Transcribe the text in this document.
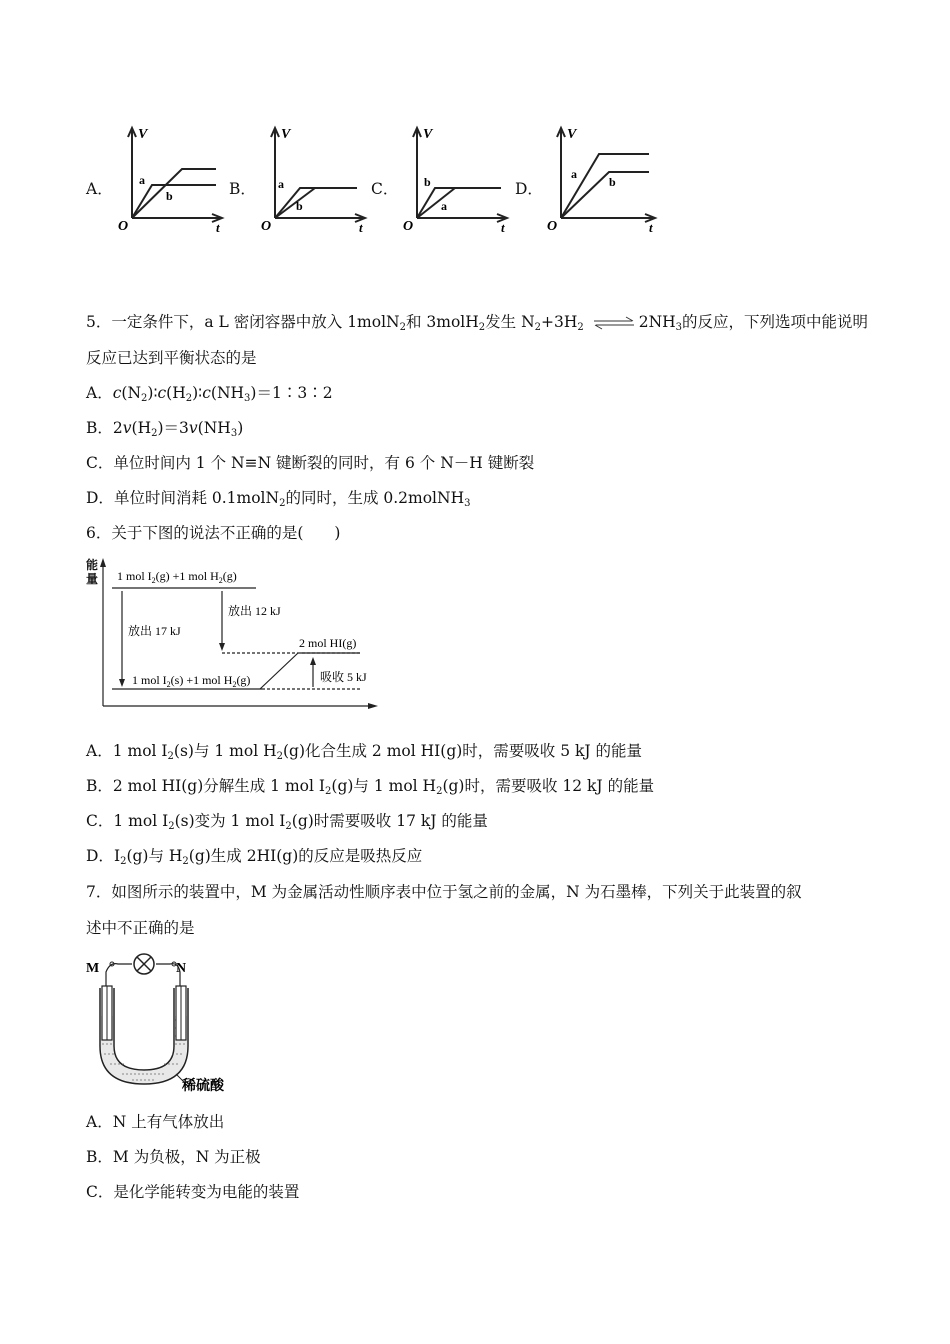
A．
V
t
O
a
b	B．
V
t
O
a
b
C．
V
t
O
b
a
D．
V
t
O
a
b
5．一定条件下，a L 密闭容器中放入 1molN2和 3molH2发生 N2+3H2 ⇌ 2NH3的反应，下列选项中能说明
反应已达到平衡状态的是
A．c(N2)∶c(H2)∶c(NH3)＝1∶3∶2
B．2v(H2)＝3v(NH3)
C．单位时间内 1 个 N≡N 键断裂的同时，有 6 个 N－H 键断裂
D．单位时间消耗 0.1molN2的同时，生成 0.2molNH3
6．关于下图的说法不正确的是(　　)
能
量 1 mol $I_2(g) +1$ mol $H_2(g)$
2 mol HI(g)
1 mol $I_2(s) +1$ mol $H_2(g)$
放出 17 kJ
放出 12 kJ
吸收 5 kJ
A．1 mol I2(s)与 1 mol H2(g)化合生成 2 mol HI(g)时，需要吸收 5 kJ 的能量
B．2 mol HI(g)分解生成 1 mol I2(g)与 1 mol H2(g)时，需要吸收 12 kJ 的能量
C．1 mol I2(s)变为 1 mol I2(g)时需要吸收 17 kJ 的能量
D．I2(g)与 H2(g)生成 2HI(g)的反应是吸热反应
7．如图所示的装置中，M 为金属活动性顺序表中位于氢之前的金属，N 为石墨棒，下列关于此装置的叙
述中不正确的是
M	N
稀硫酸
A．N 上有气体放出
B．M 为负极，N 为正极
C．是化学能转变为电能的装置
